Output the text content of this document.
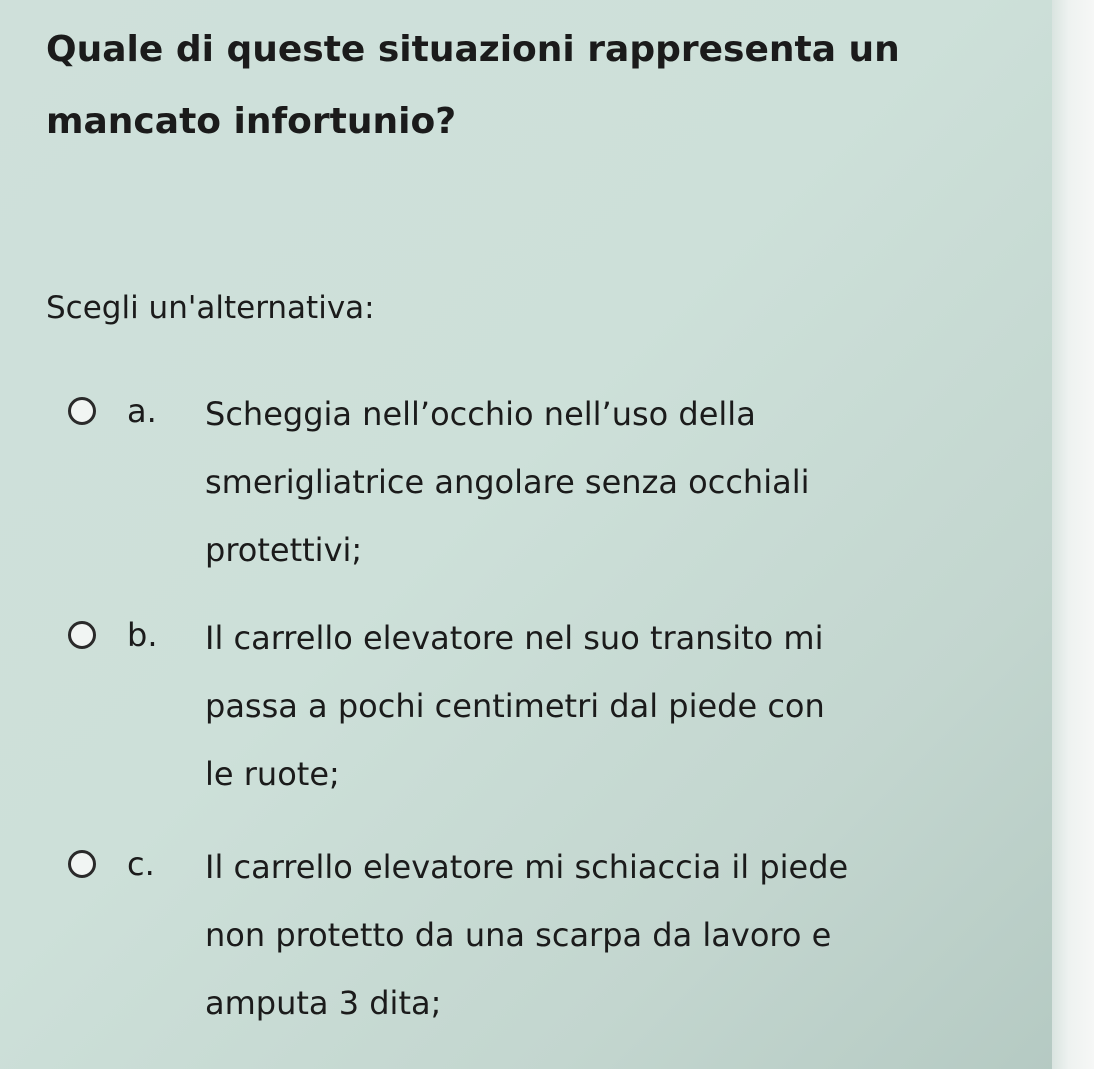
Quale di queste situazioni rappresenta un
mancato infortunio?

Scegli un'alternativa:

a. Scheggia nell’occhio nell’uso della
smerigliatrice angolare senza occhiali
protettivi;
b. Il carrello elevatore nel suo transito mi
passa a pochi centimetri dal piede con
le ruote;
c. Il carrello elevatore mi schiaccia il piede
non protetto da una scarpa da lavoro e
amputa 3 dita;
